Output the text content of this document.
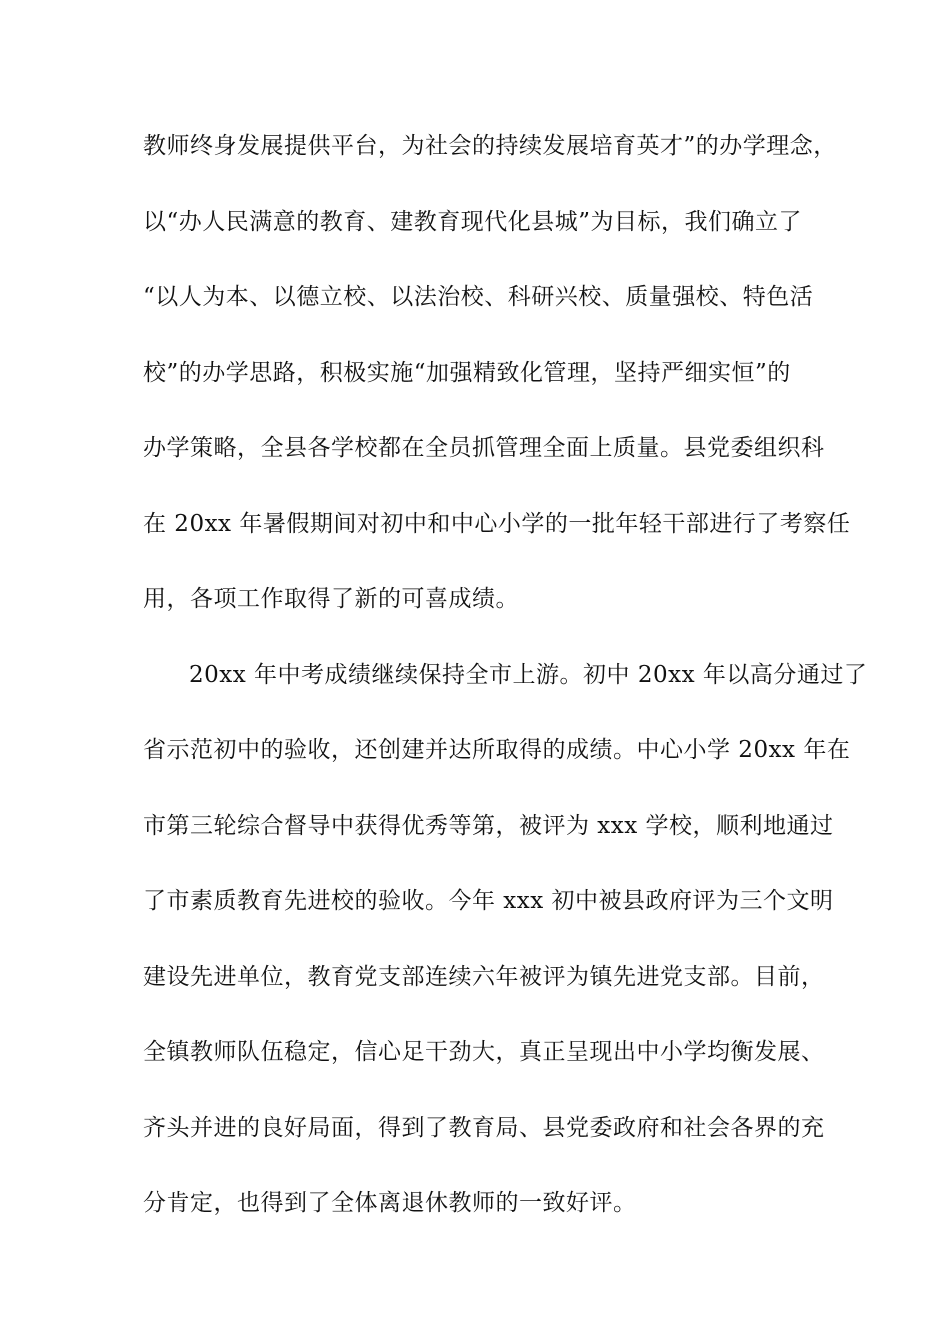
教师终身发展提供平台，为社会的持续发展培育英才”的办学理念，
以“办人民满意的教育、建教育现代化县城”为目标，我们确立了
“以人为本、以德立校、以法治校、科研兴校、质量强校、特色活
校”的办学思路，积极实施“加强精致化管理，坚持严细实恒”的
办学策略，全县各学校都在全员抓管理全面上质量。县党委组织科
在 20xx 年暑假期间对初中和中心小学的一批年轻干部进行了考察任
用，各项工作取得了新的可喜成绩。
20xx 年中考成绩继续保持全市上游。初中 20xx 年以高分通过了
省示范初中的验收，还创建并达所取得的成绩。中心小学 20xx 年在
市第三轮综合督导中获得优秀等第，被评为 xxx 学校，顺利地通过
了市素质教育先进校的验收。今年 xxx 初中被县政府评为三个文明
建设先进单位，教育党支部连续六年被评为镇先进党支部。目前，
全镇教师队伍稳定，信心足干劲大，真正呈现出中小学均衡发展、
齐头并进的良好局面，得到了教育局、县党委政府和社会各界的充
分肯定，也得到了全体离退休教师的一致好评。
